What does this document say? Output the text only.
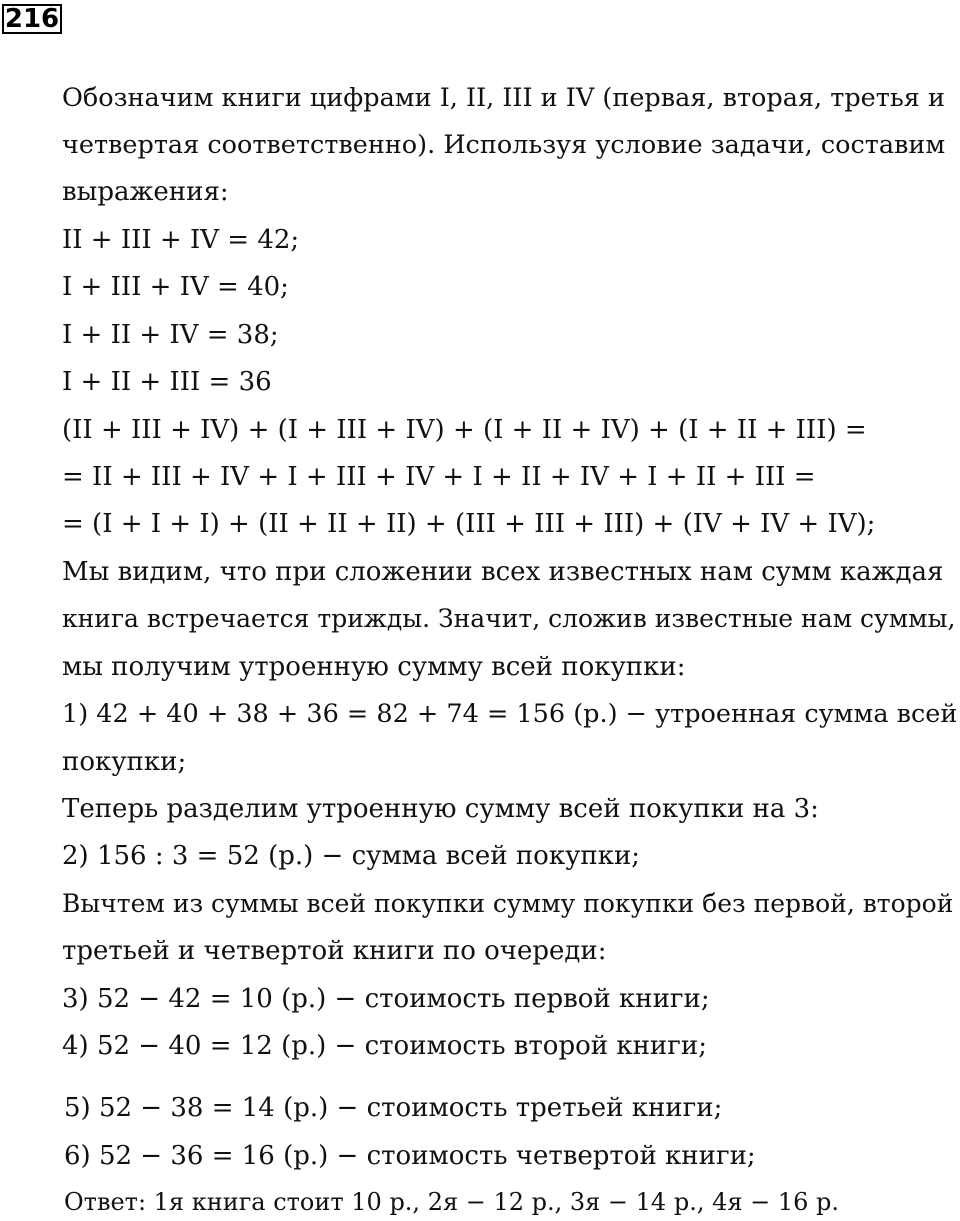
216
Обозначим книги цифрами I, II, III и IV (первая, вторая, третья и
четвертая соответственно). Используя условие задачи, составим
выражения:
II + III + IV = 42;
I + III + IV = 40;
I + II + IV = 38;
I + II + III = 36
(II + III + IV) + (I + III + IV) + (I + II + IV) + (I + II + III) =
= II + III + IV + I + III + IV + I + II + IV + I + II + III =
= (I + I + I) + (II + II + II) + (III + III + III) + (IV + IV + IV);
Мы видим, что при сложении всех известных нам сумм каждая
книга встречается трижды. Значит, сложив известные нам суммы,
мы получим утроенную сумму всей покупки:
1) 42 + 40 + 38 + 36 = 82 + 74 = 156 (р.) − утроенная сумма всей
покупки;
Теперь разделим утроенную сумму всей покупки на 3:
2) 156 : 3 = 52 (р.) − сумма всей покупки;
Вычтем из суммы всей покупки сумму покупки без первой, второй
третьей и четвертой книги по очереди:
3) 52 − 42 = 10 (р.) − стоимость первой книги;
4) 52 − 40 = 12 (р.) − стоимость второй книги;
5) 52 − 38 = 14 (р.) − стоимость третьей книги;
6) 52 − 36 = 16 (р.) − стоимость четвертой книги;
Ответ: 1я книга стоит 10 р., 2я − 12 р., 3я − 14 р., 4я − 16 р.
